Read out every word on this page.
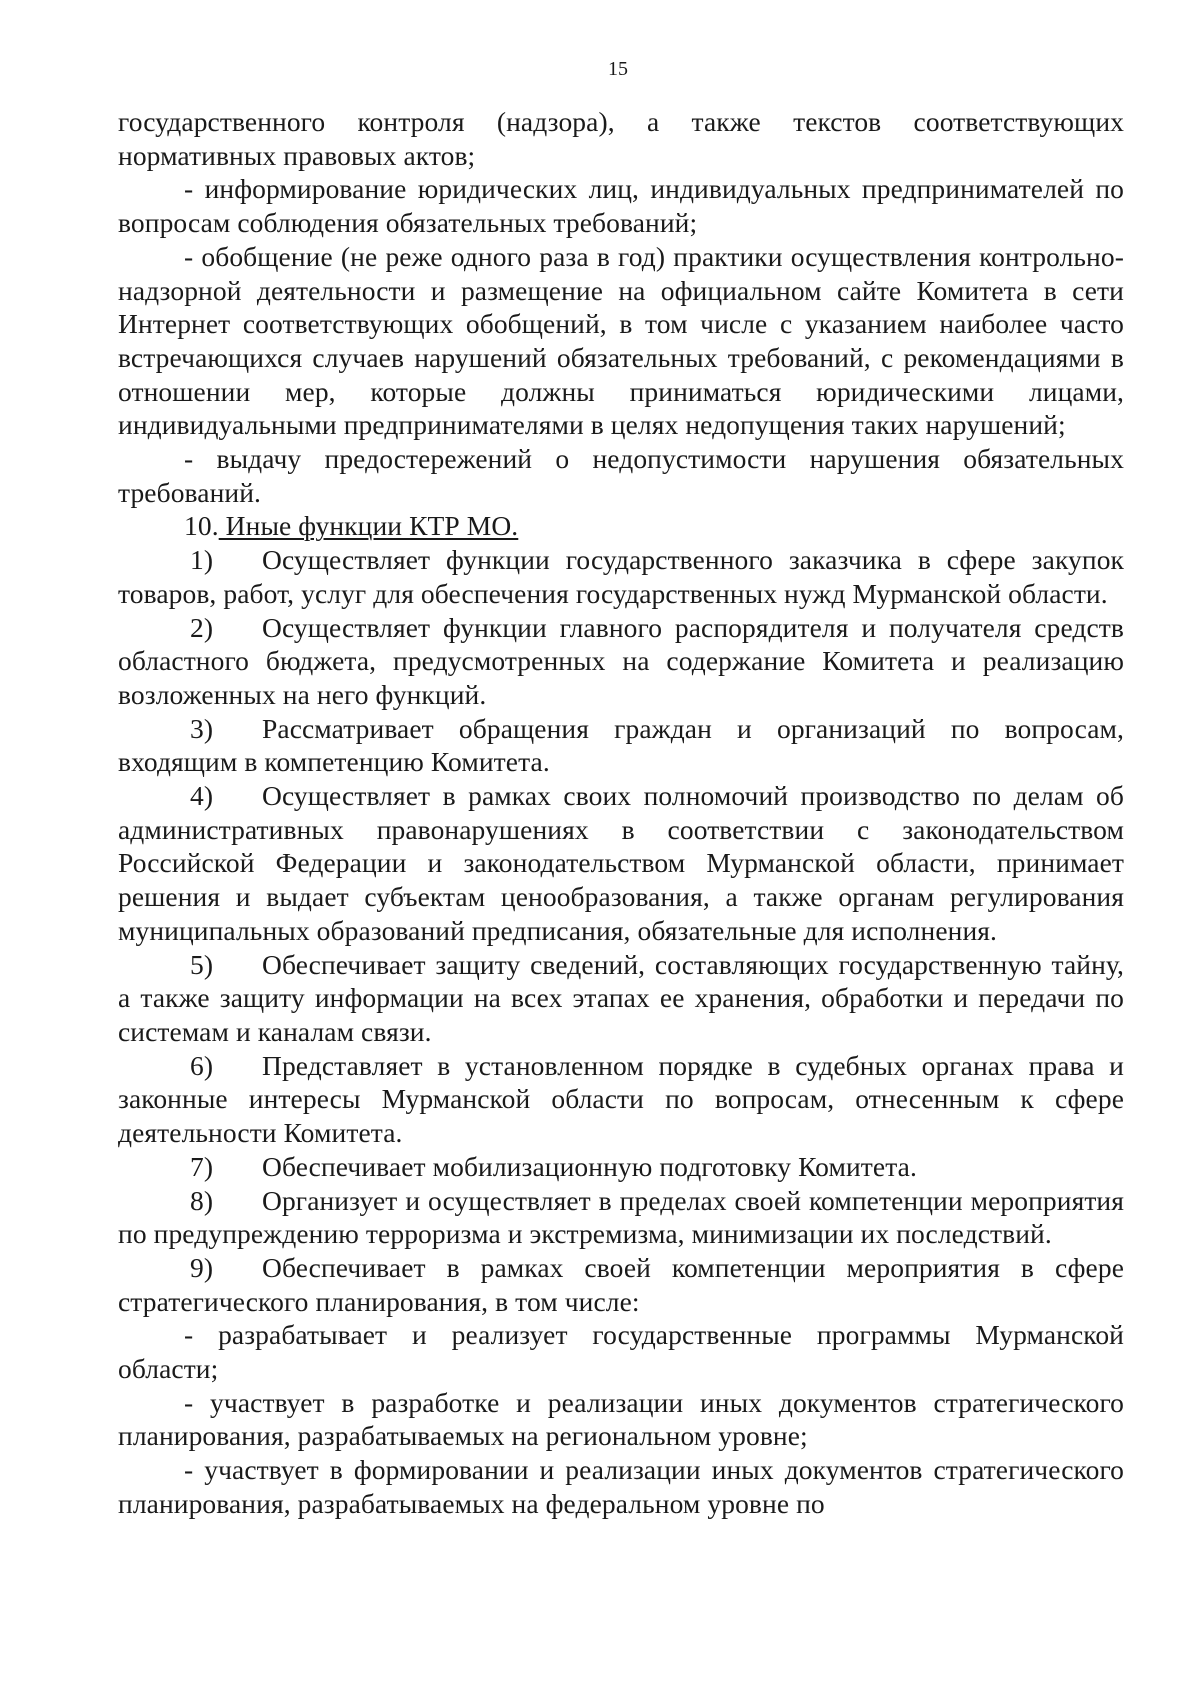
15

государственного контроля (надзора), а также текстов соответствующих нормативных правовых актов;

- информирование юридических лиц, индивидуальных предпринимателей по вопросам соблюдения обязательных требований;

- обобщение (не реже одного раза в год) практики осуществления контрольно-надзорной деятельности и размещение на официальном сайте Комитета в сети Интернет соответствующих обобщений, в том числе с указанием наиболее часто встречающихся случаев нарушений обязательных требований, с рекомендациями в отношении мер, которые должны приниматься юридическими лицами, индивидуальными предпринимателями в целях недопущения таких нарушений;

- выдачу предостережений о недопустимости нарушения обязательных требований.

10. Иные функции КТР МО.

1) Осуществляет функции государственного заказчика в сфере закупок товаров, работ, услуг для обеспечения государственных нужд Мурманской области.

2) Осуществляет функции главного распорядителя и получателя средств областного бюджета, предусмотренных на содержание Комитета и реализацию возложенных на него функций.

3) Рассматривает обращения граждан и организаций по вопросам, входящим в компетенцию Комитета.

4) Осуществляет в рамках своих полномочий производство по делам об административных правонарушениях в соответствии с законодательством Российской Федерации и законодательством Мурманской области, принимает решения и выдает субъектам ценообразования, а также органам регулирования муниципальных образований предписания, обязательные для исполнения.

5) Обеспечивает защиту сведений, составляющих государственную тайну, а также защиту информации на всех этапах ее хранения, обработки и передачи по системам и каналам связи.

6) Представляет в установленном порядке в судебных органах права и законные интересы Мурманской области по вопросам, отнесенным к сфере деятельности Комитета.

7) Обеспечивает мобилизационную подготовку Комитета.

8) Организует и осуществляет в пределах своей компетенции мероприятия по предупреждению терроризма и экстремизма, минимизации их последствий.

9) Обеспечивает в рамках своей компетенции мероприятия в сфере стратегического планирования, в том числе:

- разрабатывает и реализует государственные программы Мурманской области;

- участвует в разработке и реализации иных документов стратегического планирования, разрабатываемых на региональном уровне;

- участвует в формировании и реализации иных документов стратегического планирования, разрабатываемых на федеральном уровне по
